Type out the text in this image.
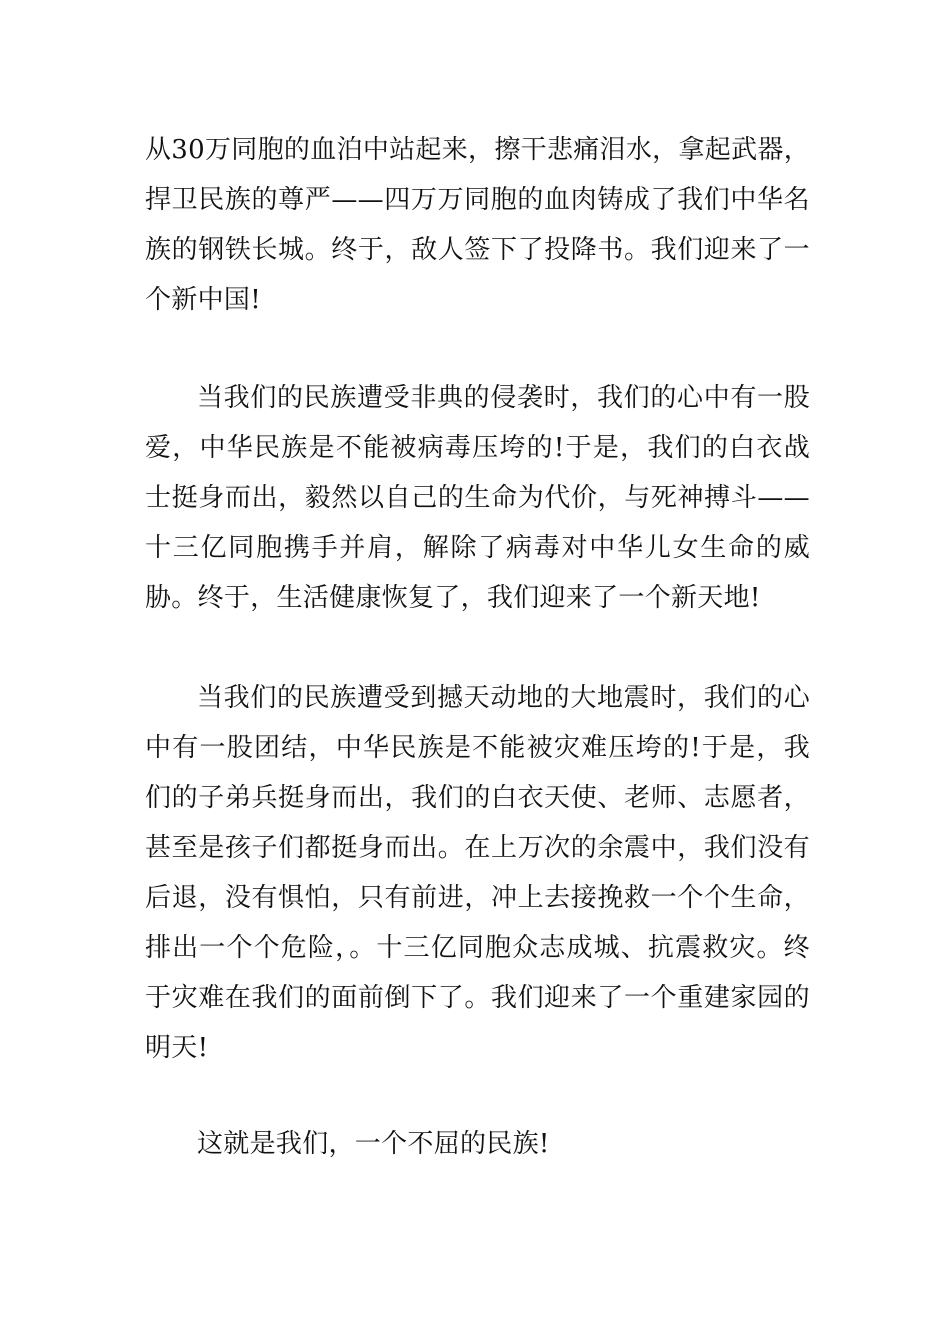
从30万同胞的血泊中站起来，擦干悲痛泪水，拿起武器，捍卫民族的尊严——四万万同胞的血肉铸成了我们中华名族的钢铁长城。终于，敌人签下了投降书。我们迎来了一个新中国!

当我们的民族遭受非典的侵袭时，我们的心中有一股爱，中华民族是不能被病毒压垮的!于是，我们的白衣战士挺身而出，毅然以自己的生命为代价，与死神搏斗——十三亿同胞携手并肩，解除了病毒对中华儿女生命的威胁。终于，生活健康恢复了，我们迎来了一个新天地!

当我们的民族遭受到撼天动地的大地震时，我们的心中有一股团结，中华民族是不能被灾难压垮的!于是，我们的子弟兵挺身而出，我们的白衣天使、老师、志愿者，甚至是孩子们都挺身而出。在上万次的余震中，我们没有后退，没有惧怕，只有前进，冲上去接挽救一个个生命，排出一个个危险，。十三亿同胞众志成城、抗震救灾。终于灾难在我们的面前倒下了。我们迎来了一个重建家园的明天!

这就是我们，一个不屈的民族!
